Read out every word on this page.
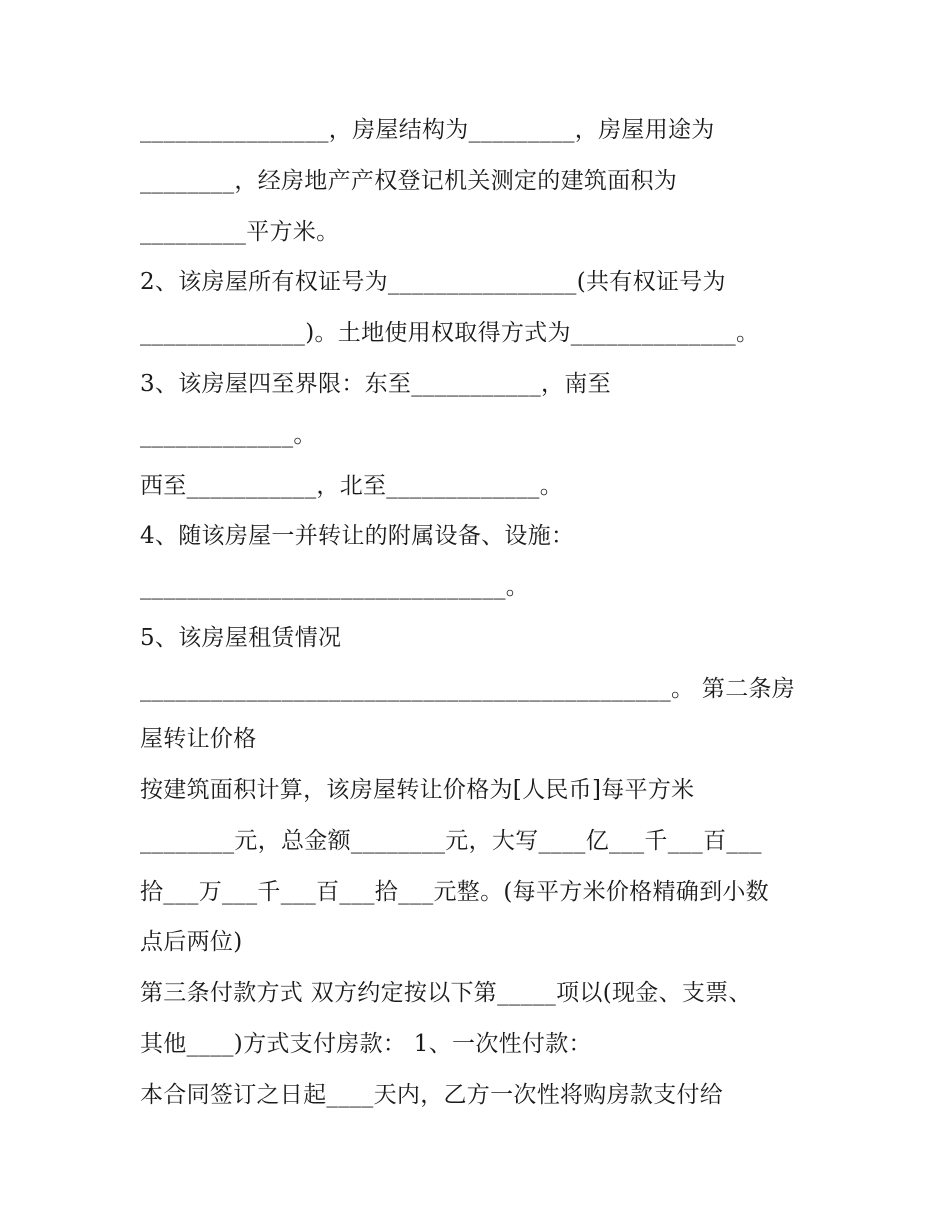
________________，房屋结构为_________，房屋用途为

________，经房地产产权登记机关测定的建筑面积为

_________平方米。

2、该房屋所有权证号为________________(共有权证号为

______________)。土地使用权取得方式为______________。

3、该房屋四至界限：东至___________，南至

_____________。

西至___________，北至_____________。

4、随该房屋一并转让的附属设备、设施：

_______________________________。

5、该房屋租赁情况

_____________________________________________。 第二条房

屋转让价格

按建筑面积计算，该房屋转让价格为[人民币]每平方米

________元，总金额________元，大写____亿___千___百___

拾___万___千___百___拾___元整。(每平方米价格精确到小数

点后两位)

第三条付款方式 双方约定按以下第_____项以(现金、支票、

其他____)方式支付房款： 1、一次性付款：

本合同签订之日起____天内，乙方一次性将购房款支付给
